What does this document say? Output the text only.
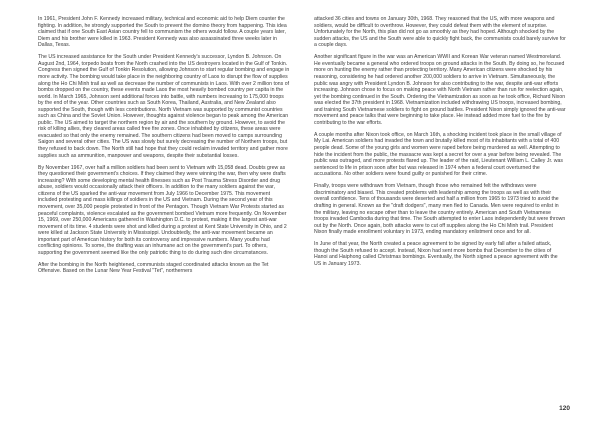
In 1961, President John F. Kennedy increased military, technical and economic aid to help Diem counter the fighting. In addition, he strongly supported the South to prevent the domino theory from happening. This idea claimed that if one South East Asian country fell to communism the others would follow. A couple years later, Diem and his brother were killed in 1963. President Kennedy was also assassinated three weeks later in Dallas, Texas.

The US increased assistance for the South under President Kennedy's successor, Lyndon B. Johnson. On August 2nd, 1964, torpedo boats from the North crashed into the US destroyers located in the Gulf of Tonkin. Congress then signed the Gulf of Tonkin Resolution, allowing Johnson to start regular bombing and engage in more activity. The bombing would take place in the neighboring country of Laos to disrupt the flow of supplies along the Ho Chi Minh trail as well as decrease the number of communists in Laos. With over 2 million tons of bombs dropped on the country, these events made Laos the most heavily bombed country per capita in the world. In March 1965, Johnson sent additional forces into battle, with numbers increasing to 175,000 troops by the end of the year. Other countries such as South Korea, Thailand, Australia, and New Zealand also supported the South, though with less contributions. North Vietnam was supported by communist countries such as China and the Soviet Union. However, thoughts against violence began to peak among the American public. The US aimed to target the northern region by air and the southern by ground. However, to avoid the risk of killing allies, they cleared areas called free fire zones. Once inhabited by citizens, these areas were evacuated so that only the enemy remained. The southern citizens had been moved to camps surrounding Saigon and several other cities. The US was slowly but surely decreasing the number of Northern troops, but they refused to back down. The North still had hope that they could reclaim invaded territory and gather more supplies such as ammunition, manpower and weapons, despite their substantial losses.

By November 1967, over half a million soldiers had been sent to Vietnam with 15,058 dead. Doubts grew as they questioned their government's choices. If they claimed they were winning the war, then why were drafts increasing? With some developing mental health illnesses such as Post Trauma Stress Disorder and drug abuse, soldiers would occasionally attack their officers. In addition to the many soldiers against the war, citizens of the US sparked the anti-war movement from July 1966 to December 1975. This movement included protesting and mass killings of soldiers in the US and Vietnam. During the second year of this movement, over 35,000 people protested in front of the Pentagon. Though Vietnam War Protests started as peaceful complaints, violence escalated as the government bombed Vietnam more frequently. On November 15, 1969, over 250,000 Americans gathered in Washington D.C. to protest, making it the largest anti-war movement of its time. 4 students were shot and killed during a protest at Kent State University in Ohio, and 2 were killed at Jackson State University in Mississippi. Undoubtedly, the anti-war movement became an important part of American history for both its controversy and impressive numbers. Many youths had conflicting opinions. To some, the drafting was an inhumane act on the government's part. To others, supporting the government seemed like the only patriotic thing to do during such dire circumstances.

After the bombing in the North heightened, communists staged coordinated attacks known as the Tet Offensive. Based on the Lunar New Year Festival "Tet", northerners

attacked 36 cities and towns on January 30th, 1968. They reasoned that the US, with more weapons and soldiers, would be difficult to overthrow. However, they could defeat them with the element of surprise. Unfortunately for the North, this plan did not go as smoothly as they had hoped. Although shocked by the sudden attacks, the US and the South were able to quickly fight back, the communists could barely survive for a couple days.

Another significant figure in the war was an American WWII and Korean War veteran named Westmoreland. He eventually became a general who ordered troops on ground attacks in the South. By doing so, he focused more on hunting the enemy rather than protecting territory. Many American citizens were shocked by his reasoning, considering he had ordered another 200,000 soldiers to arrive in Vietnam. Simultaneously, the public was angry with President Lyndon B. Johnson for also contributing to the war, despite anti-war efforts increasing. Johnson chose to focus on making peace with North Vietnam rather than run for reelection again, yet the bombing continued in the South. Ordering the Vietnamization as soon as he took office, Richard Nixon was elected the 37th president in 1968. Vietnamization included withdrawing US troops, increased bombing, and training South Vietnamese soldiers to fight on ground battles. President Nixon simply ignored the anti-war movement and peace talks that were beginning to take place. He instead added more fuel to the fire by contributing to the war efforts.

A couple months after Nixon took office, on March 16th, a shocking incident took place in the small village of My Lai. American soldiers had invaded the town and brutally killed most of its inhabitants with a total of 400 people dead. Some of the young girls and women were raped before being murdered as well. Attempting to hide the incident from the public, the massacre was kept a secret for over a year before being revealed. The public was outraged, and more protests flared up. The leader of the raid, Lieutenant William L. Calley Jr. was sentenced to life in prison soon after but was released in 1974 when a federal court overturned the accusations. No other soldiers were found guilty or punished for their crime.

Finally, troops were withdrawn from Vietnam, though those who remained felt the withdraws were discriminatory and biased. This created problems with leadership among the troops as well as with their overall confidence. Tens of thousands were deserted and half a million from 1965 to 1973 tried to avoid the drafting in general. Known as the "draft dodgers", many men fled to Canada. Men were required to enlist in the military, leaving no escape other than to leave the country entirely. American and South Vietnamese troops invaded Cambodia during that time. The South attempted to enter Laos independently but were thrown out by the North. Once again, both attacks were to cut off supplies along the Ho Chi Minh trail. President Nixon finally made enrollment voluntary in 1973, ending mandatory enlistment once and for all.

In June of that year, the North created a peace agreement to be signed by early fall after a failed attack, though the South refused to accept. Instead, Nixon had sent more bombs that December to the cities of Hanoi and Haiphong called Christmas bombings. Eventually, the North signed a peace agreement with the US in January 1973.

120
